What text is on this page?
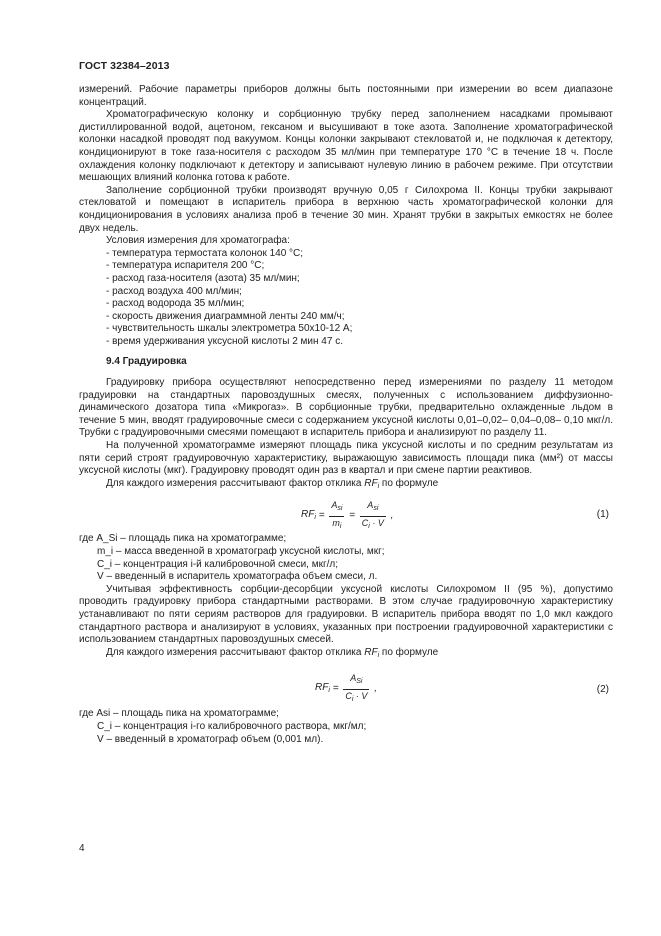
ГОСТ 32384–2013

измерений. Рабочие параметры приборов должны быть постоянными при измерении во всем диапазоне концентраций.

Хроматографическую колонку и сорбционную трубку перед заполнением насадками промывают дистиллированной водой, ацетоном, гексаном и высушивают в токе азота. Заполнение хроматографической колонки насадкой проводят под вакуумом. Концы колонки закрывают стекловатой и, не подключая к детектору, кондиционируют в токе газа-носителя с расходом 35 мл/мин при температуре 170 °С в течение 18 ч. После охлаждения колонку подключают к детектору и записывают нулевую линию в рабочем режиме. При отсутствии мешающих влияний колонка готова к работе.

Заполнение сорбционной трубки производят вручную 0,05 г Силохрома II. Концы трубки закрывают стекловатой и помещают в испаритель прибора в верхнюю часть хроматографической колонки для кондиционирования в условиях анализа проб в течение 30 мин. Хранят трубки в закрытых емкостях не более двух недель.

Условия измерения для хроматографа:

- температура термостата колонок 140 °С;
- температура испарителя 200 °С;
- расход газа-носителя (азота) 35 мл/мин;
- расход воздуха 400 мл/мин;
- расход водорода 35 мл/мин;
- скорость движения диаграммной ленты 240 мм/ч;
- чувствительность шкалы электрометра 50х10-12 А;
- время удерживания уксусной кислоты 2 мин 47 с.
9.4 Градуировка

Градуировку прибора осуществляют непосредственно перед измерениями по разделу 11 методом градуировки на стандартных паровоздушных смесях, полученных с использованием диффузионно-динамического дозатора типа «Микрогаз». В сорбционные трубки, предварительно охлажденные льдом в течение 5 мин, вводят градуировочные смеси с содержанием уксусной кислоты 0,01–0,02– 0,04–0,08– 0,10 мкг/л. Трубки с градуировочными смесями помещают в испаритель прибора и анализируют по разделу 11.

На полученной хроматограмме измеряют площадь пика уксусной кислоты и по средним результатам из пяти серий строят градуировочную характеристику, выражающую зависимость площади пика (мм²) от массы уксусной кислоты (мкг). Градуировку проводят один раз в квартал и при смене партии реактивов.

Для каждого измерения рассчитывают фактор отклика $RF_i$ по формуле

$RF_i = \frac{A_{si}}{m_i} = \frac{A_{si}}{C_i \cdot V}$ ,	(1)

где A_Si – площадь пика на хроматограмме;

m_i – масса введенной в хроматограф уксусной кислоты, мкг;

C_i – концентрация i-й калибровочной смеси, мкг/л;

V – введенный в испаритель хроматографа объем смеси, л.

Учитывая эффективность сорбции-десорбции уксусной кислоты Силохромом II (95 %), допустимо проводить градуировку прибора стандартными растворами. В этом случае градуировочную характеристику устанавливают по пяти сериям растворов для градуировки. В испаритель прибора вводят по 1,0 мкл каждого стандартного раствора и анализируют в условиях, указанных при построении градуировочной характеристики с использованием стандартных паровоздушных смесей.

Для каждого измерения рассчитывают фактор отклика $RF_i$ по формуле

$RF_i = \frac{A_{Si}}{C_i \cdot V}$ ,	(2)

где Asi – площадь пика на хроматограмме;

C_i – концентрация i-го калибровочного раствора, мкг/мл;

V – введенный в хроматограф объем (0,001 мл).

4
